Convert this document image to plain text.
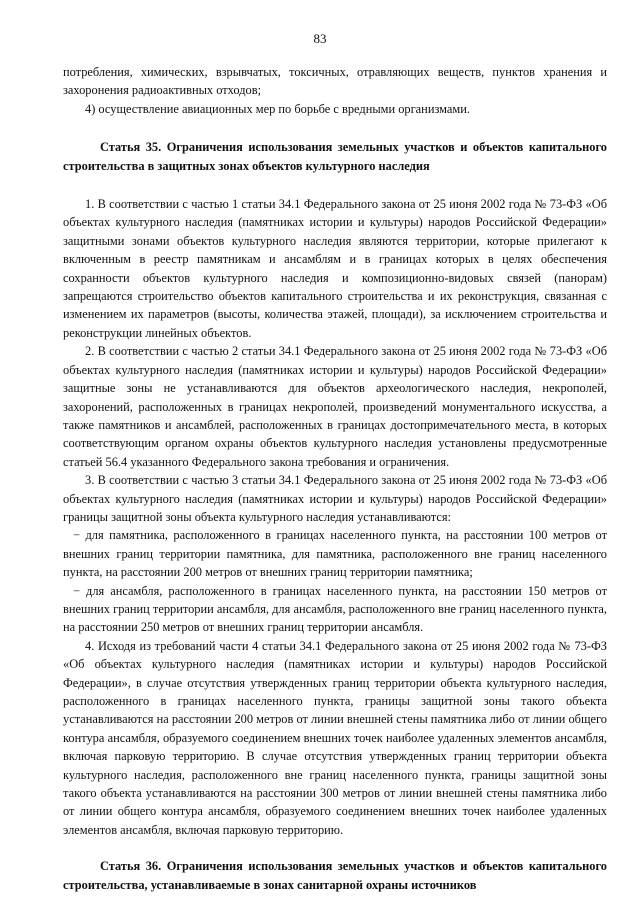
83

потребления, химических, взрывчатых, токсичных, отравляющих веществ, пунктов хранения и захоронения радиоактивных отходов;

4) осуществление авиационных мер по борьбе с вредными организмами.

Статья 35. Ограничения использования земельных участков и объектов капитального строительства в защитных зонах объектов культурного наследия

1. В соответствии с частью 1 статьи 34.1 Федерального закона от 25 июня 2002 года № 73-ФЗ «Об объектах культурного наследия (памятниках истории и культуры) народов Российской Федерации» защитными зонами объектов культурного наследия являются территории, которые прилегают к включенным в реестр памятникам и ансамблям и в границах которых в целях обеспечения сохранности объектов культурного наследия и композиционно-видовых связей (панорам) запрещаются строительство объектов капитального строительства и их реконструкция, связанная с изменением их параметров (высоты, количества этажей, площади), за исключением строительства и реконструкции линейных объектов.

2. В соответствии с частью 2 статьи 34.1 Федерального закона от 25 июня 2002 года № 73-ФЗ «Об объектах культурного наследия (памятниках истории и культуры) народов Российской Федерации» защитные зоны не устанавливаются для объектов археологического наследия, некрополей, захоронений, расположенных в границах некрополей, произведений монументального искусства, а также памятников и ансамблей, расположенных в границах достопримечательного места, в которых соответствующим органом охраны объектов культурного наследия установлены предусмотренные статьей 56.4 указанного Федерального закона требования и ограничения.

3. В соответствии с частью 3 статьи 34.1 Федерального закона от 25 июня 2002 года № 73-ФЗ «Об объектах культурного наследия (памятниках истории и культуры) народов Российской Федерации» границы защитной зоны объекта культурного наследия устанавливаются:

− для памятника, расположенного в границах населенного пункта, на расстоянии 100 метров от внешних границ территории памятника, для памятника, расположенного вне границ населенного пункта, на расстоянии 200 метров от внешних границ территории памятника;

− для ансамбля, расположенного в границах населенного пункта, на расстоянии 150 метров от внешних границ территории ансамбля, для ансамбля, расположенного вне границ населенного пункта, на расстоянии 250 метров от внешних границ территории ансамбля.

4. Исходя из требований части 4 статьи 34.1 Федерального закона от 25 июня 2002 года № 73-ФЗ «Об объектах культурного наследия (памятниках истории и культуры) народов Российской Федерации», в случае отсутствия утвержденных границ территории объекта культурного наследия, расположенного в границах населенного пункта, границы защитной зоны такого объекта устанавливаются на расстоянии 200 метров от линии внешней стены памятника либо от линии общего контура ансамбля, образуемого соединением внешних точек наиболее удаленных элементов ансамбля, включая парковую территорию. В случае отсутствия утвержденных границ территории объекта культурного наследия, расположенного вне границ населенного пункта, границы защитной зоны такого объекта устанавливаются на расстоянии 300 метров от линии внешней стены памятника либо от линии общего контура ансамбля, образуемого соединением внешних точек наиболее удаленных элементов ансамбля, включая парковую территорию.

Статья 36. Ограничения использования земельных участков и объектов капитального строительства, устанавливаемые в зонах санитарной охраны источников
